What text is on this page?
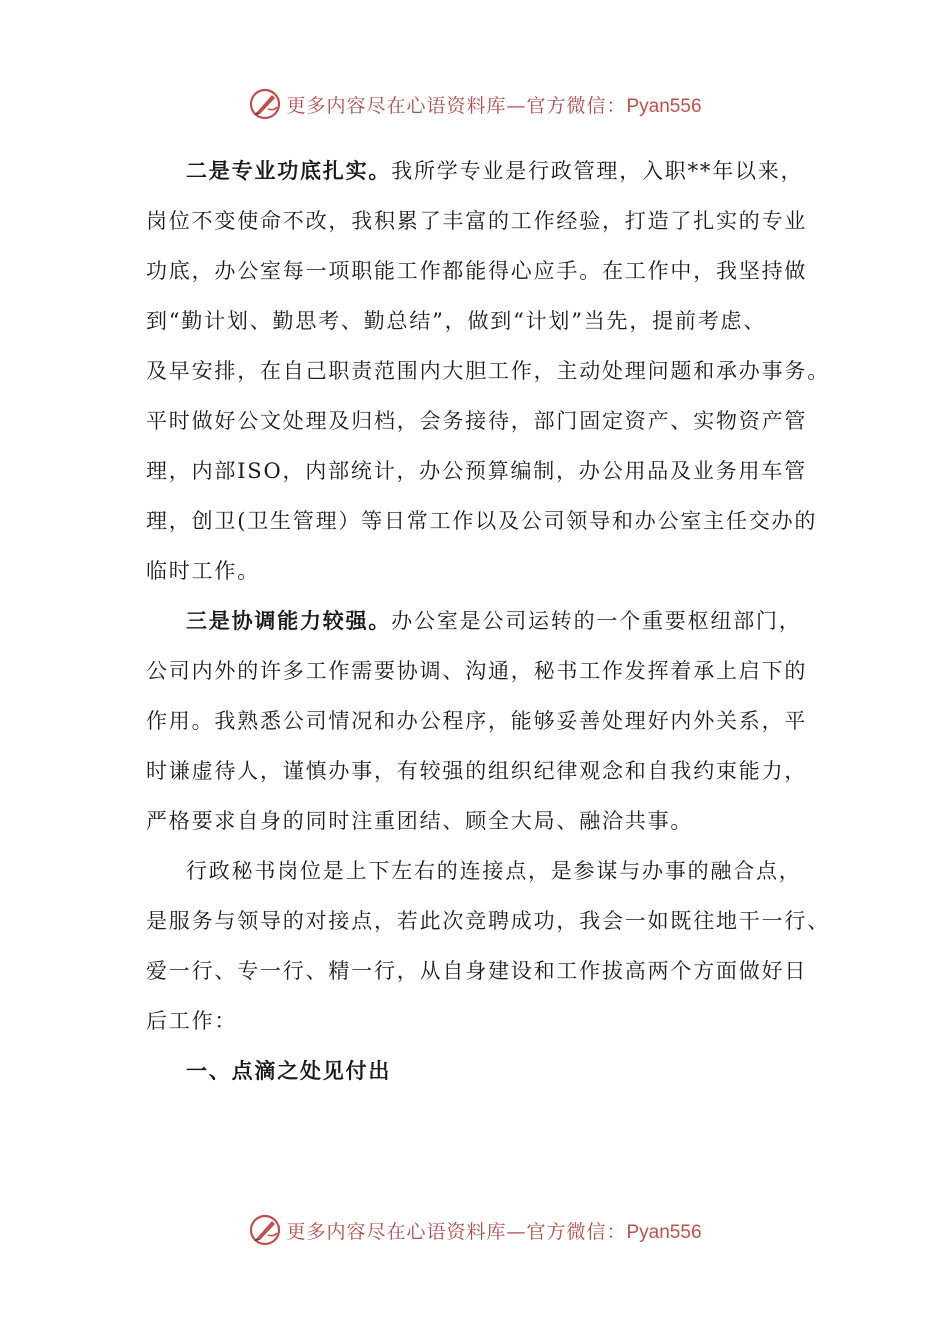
更多内容尽在心语资料库—官方微信：Pyan556

二是专业功底扎实。我所学专业是行政管理，入职**年以来，
岗位不变使命不改，我积累了丰富的工作经验，打造了扎实的专业
功底，办公室每一项职能工作都能得心应手。在工作中，我坚持做
到“勤计划、勤思考、勤总结”，做到“计划”当先，提前考虑、
及早安排，在自己职责范围内大胆工作，主动处理问题和承办事务。
平时做好公文处理及归档，会务接待，部门固定资产、实物资产管
理，内部ISO，内部统计，办公预算编制，办公用品及业务用车管
理，创卫(卫生管理）等日常工作以及公司领导和办公室主任交办的
临时工作。

三是协调能力较强。办公室是公司运转的一个重要枢纽部门，
公司内外的许多工作需要协调、沟通，秘书工作发挥着承上启下的
作用。我熟悉公司情况和办公程序，能够妥善处理好内外关系，平
时谦虚待人，谨慎办事，有较强的组织纪律观念和自我约束能力，
严格要求自身的同时注重团结、顾全大局、融洽共事。

行政秘书岗位是上下左右的连接点，是参谋与办事的融合点，
是服务与领导的对接点，若此次竞聘成功，我会一如既往地干一行、
爱一行、专一行、精一行，从自身建设和工作拔高两个方面做好日
后工作：

一、点滴之处见付出

更多内容尽在心语资料库—官方微信：Pyan556
